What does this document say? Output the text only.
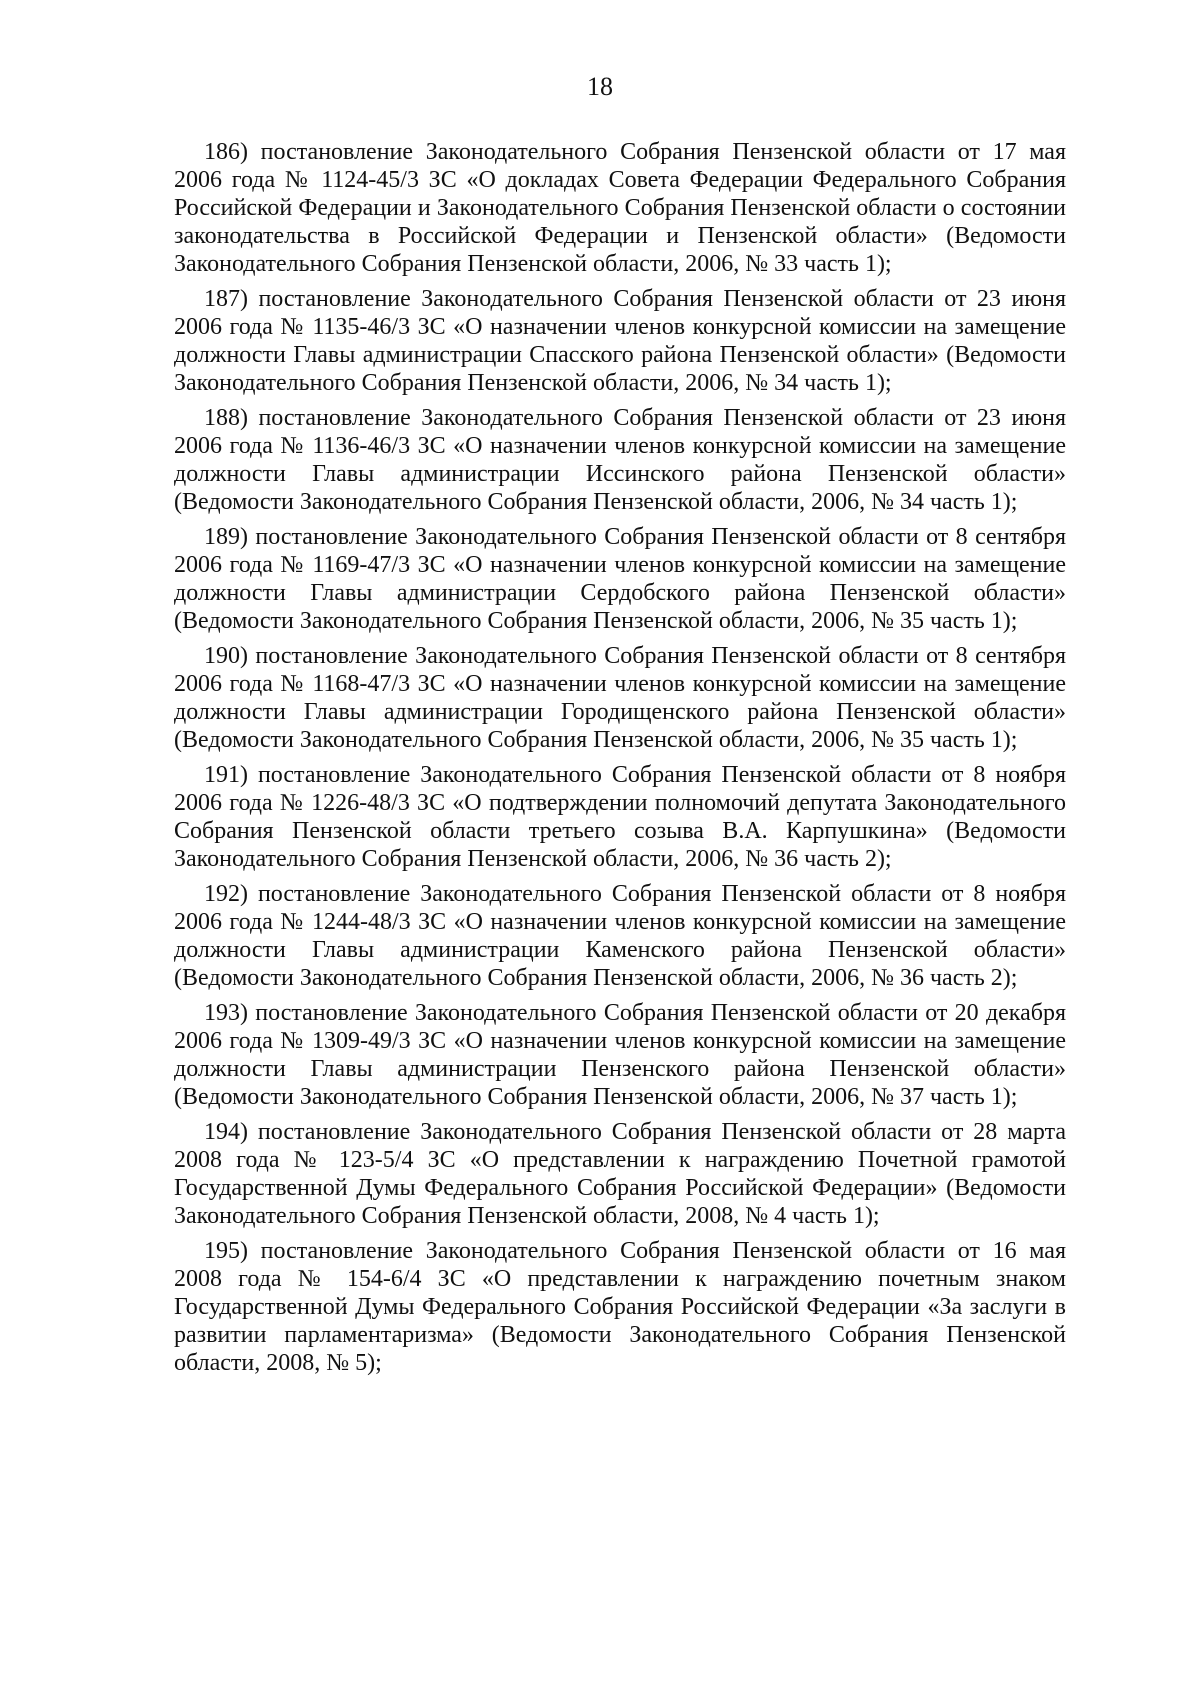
18

186) постановление Законодательного Собрания Пензенской области от 17 мая 2006 года № 1124-45/3 ЗС «О докладах Совета Федерации Федерального Собрания Российской Федерации и Законодательного Собрания Пензенской области о состоянии законодательства в Российской Федерации и Пензенской области» (Ведомости Законодательного Собрания Пензенской области, 2006, № 33 часть 1);

187) постановление Законодательного Собрания Пензенской области от 23 июня 2006 года № 1135-46/3 ЗС «О назначении членов конкурсной комиссии на замещение должности Главы администрации Спасского района Пензенской области» (Ведомости Законодательного Собрания Пензенской области, 2006, № 34 часть 1);

188) постановление Законодательного Собрания Пензенской области от 23 июня 2006 года № 1136-46/3 ЗС «О назначении членов конкурсной комиссии на замещение должности Главы администрации Иссинского района Пензенской области» (Ведомости Законодательного Собрания Пензенской области, 2006, № 34 часть 1);

189) постановление Законодательного Собрания Пензенской области от 8 сентября 2006 года № 1169-47/3 ЗС «О назначении членов конкурсной комиссии на замещение должности Главы администрации Сердобского района Пензенской области» (Ведомости Законодательного Собрания Пензенской области, 2006, № 35 часть 1);

190) постановление Законодательного Собрания Пензенской области от 8 сентября 2006 года № 1168-47/3 ЗС «О назначении членов конкурсной комиссии на замещение должности Главы администрации Городищенского района Пензенской области» (Ведомости Законодательного Собрания Пензенской области, 2006, № 35 часть 1);

191) постановление Законодательного Собрания Пензенской области от 8 ноября 2006 года № 1226-48/3 ЗС «О подтверждении полномочий депутата Законодательного Собрания Пензенской области третьего созыва В.А. Карпушкина» (Ведомости Законодательного Собрания Пензенской области, 2006, № 36 часть 2);

192) постановление Законодательного Собрания Пензенской области от 8 ноября 2006 года № 1244-48/3 ЗС «О назначении членов конкурсной комиссии на замещение должности Главы администрации Каменского района Пензенской области» (Ведомости Законодательного Собрания Пензенской области, 2006, № 36 часть 2);

193) постановление Законодательного Собрания Пензенской области от 20 декабря 2006 года № 1309-49/3 ЗС «О назначении членов конкурсной комиссии на замещение должности Главы администрации Пензенского района Пензенской области» (Ведомости Законодательного Собрания Пензенской области, 2006, № 37 часть 1);

194) постановление Законодательного Собрания Пензенской области от 28 марта 2008 года № 123-5/4 ЗС «О представлении к награждению Почетной грамотой Государственной Думы Федерального Собрания Российской Федерации» (Ведомости Законодательного Собрания Пензенской области, 2008, № 4 часть 1);

195) постановление Законодательного Собрания Пензенской области от 16 мая 2008 года № 154-6/4 ЗС «О представлении к награждению почетным знаком Государственной Думы Федерального Собрания Российской Федерации «За заслуги в развитии парламентаризма» (Ведомости Законодательного Собрания Пензенской области, 2008, № 5);
